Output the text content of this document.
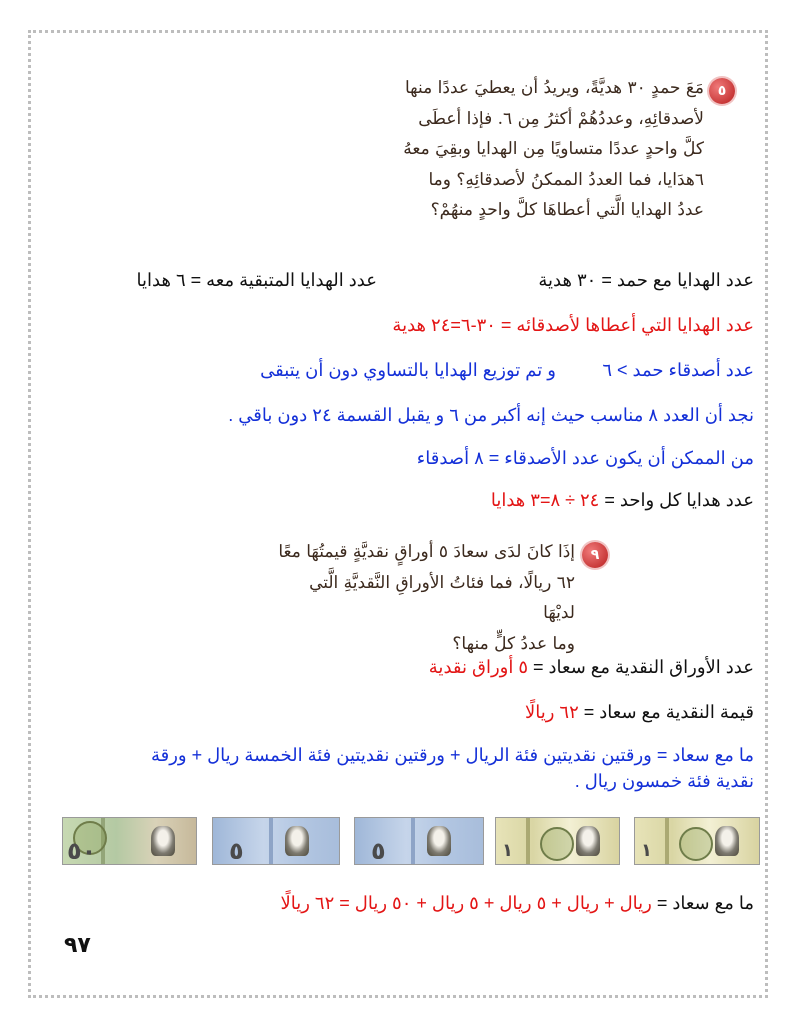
٥
مَعَ حمدٍ ٣٠ هديَّةً، ويريدُ أن يعطيَ عددًا منها
لأصدقائِهِ، وعددُهُمْ أكثرُ مِن ٦. فإذا أعطَى
كلَّ واحدٍ عددًا متساويًا مِن الهدايا وبقِيَ معهُ
٦هدَايا، فما العددُ الممكنُ لأصدقائِهِ؟ وما
عددُ الهدايا الَّتي أعطاهَا كلَّ واحدٍ منهُمْ؟
عدد الهدايا مع حمد = ٣٠ هدية
عدد الهدايا المتبقية معه = ٦ هدايا
عدد الهدايا التي أعطاها لأصدقائه = ٣٠-٦=٢٤ هدية
عدد أصدقاء حمد > ٦
و تم توزيع الهدايا بالتساوي دون أن يتبقى
نجد أن العدد ٨ مناسب حيث إنه أكبر من ٦ و يقبل القسمة ٢٤ دون باقي .
من الممكن أن يكون عدد الأصدقاء = ٨ أصدقاء
عدد هدايا كل واحد = ٢٤ ÷ ٨=٣ هدايا
٩
إذَا كانَ لدَى سعادَ ٥ أوراقٍ نقديَّةٍ قيمتُهَا معًا
٦٢ ريالًا، فما فئاتُ الأوراقِ النَّقديَّةِ الَّتي لديْهَا
وما عددُ كلٍّ منها؟
عدد الأوراق النقدية مع سعاد = ٥ أوراق نقدية
قيمة النقدية مع سعاد = ٦٢ ريالًا
ما مع سعاد = ورقتين نقديتين فئة الريال + ورقتين نقديتين فئة الخمسة ريال + ورقة
نقدية فئة خمسون ريال .
٥٠	٥	٥	١	١
ما مع سعاد = ريال + ريال + ٥ ريال + ٥ ريال + ٥٠ ريال = ٦٢ ريالًا
٩٧
